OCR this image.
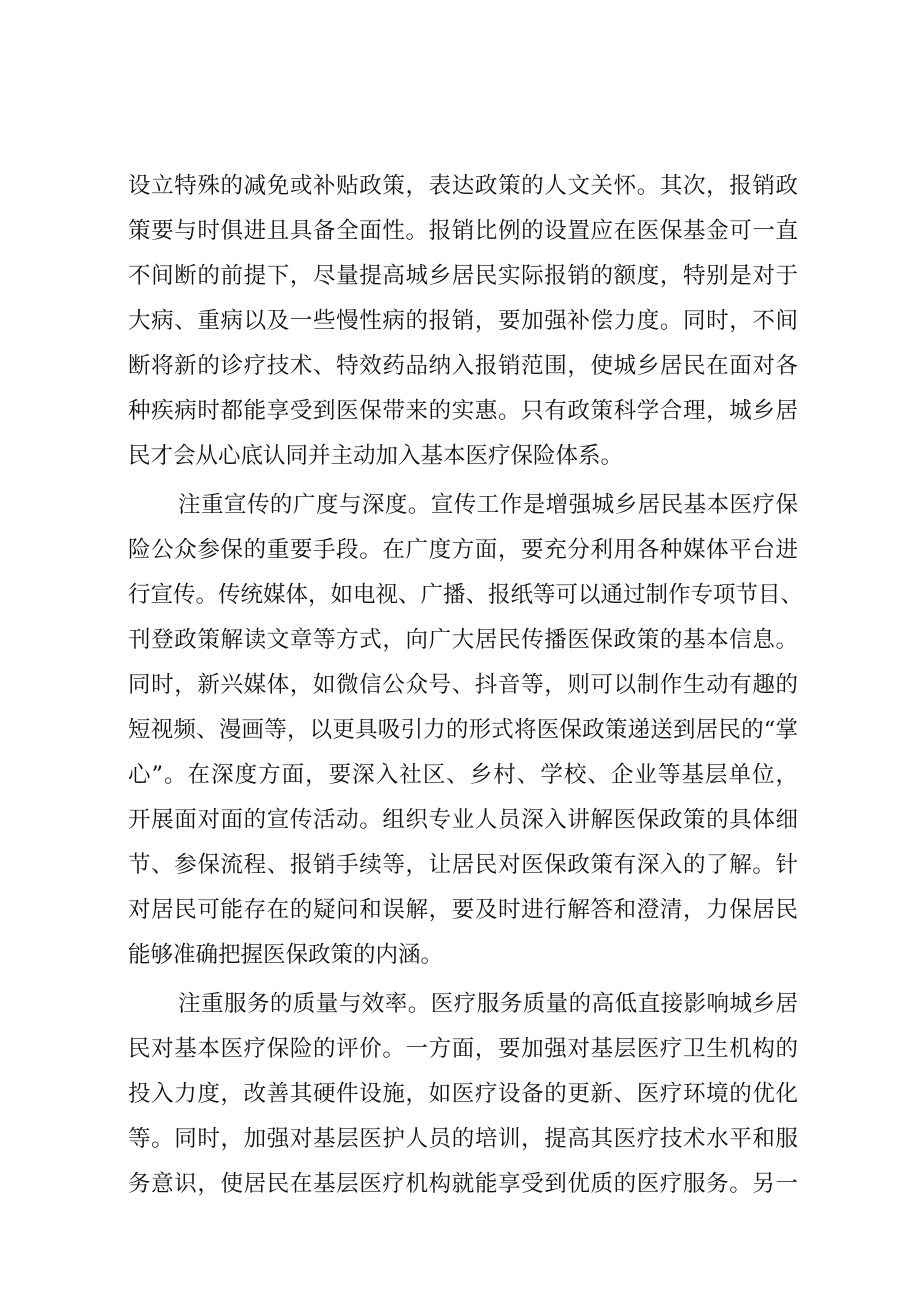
设立特殊的减免或补贴政策，表达政策的人文关怀。其次，报销政
策要与时俱进且具备全面性。报销比例的设置应在医保基金可一直
不间断的前提下，尽量提高城乡居民实际报销的额度，特别是对于
大病、重病以及一些慢性病的报销，要加强补偿力度。同时，不间
断将新的诊疗技术、特效药品纳入报销范围，使城乡居民在面对各
种疾病时都能享受到医保带来的实惠。只有政策科学合理，城乡居
民才会从心底认同并主动加入基本医疗保险体系。
注重宣传的广度与深度。宣传工作是增强城乡居民基本医疗保
险公众参保的重要手段。在广度方面，要充分利用各种媒体平台进
行宣传。传统媒体，如电视、广播、报纸等可以通过制作专项节目、
刊登政策解读文章等方式，向广大居民传播医保政策的基本信息。
同时，新兴媒体，如微信公众号、抖音等，则可以制作生动有趣的
短视频、漫画等，以更具吸引力的形式将医保政策递送到居民的“掌
心”。在深度方面，要深入社区、乡村、学校、企业等基层单位，
开展面对面的宣传活动。组织专业人员深入讲解医保政策的具体细
节、参保流程、报销手续等，让居民对医保政策有深入的了解。针
对居民可能存在的疑问和误解，要及时进行解答和澄清，力保居民
能够准确把握医保政策的内涵。
注重服务的质量与效率。医疗服务质量的高低直接影响城乡居
民对基本医疗保险的评价。一方面，要加强对基层医疗卫生机构的
投入力度，改善其硬件设施，如医疗设备的更新、医疗环境的优化
等。同时，加强对基层医护人员的培训，提高其医疗技术水平和服
务意识，使居民在基层医疗机构就能享受到优质的医疗服务。另一
